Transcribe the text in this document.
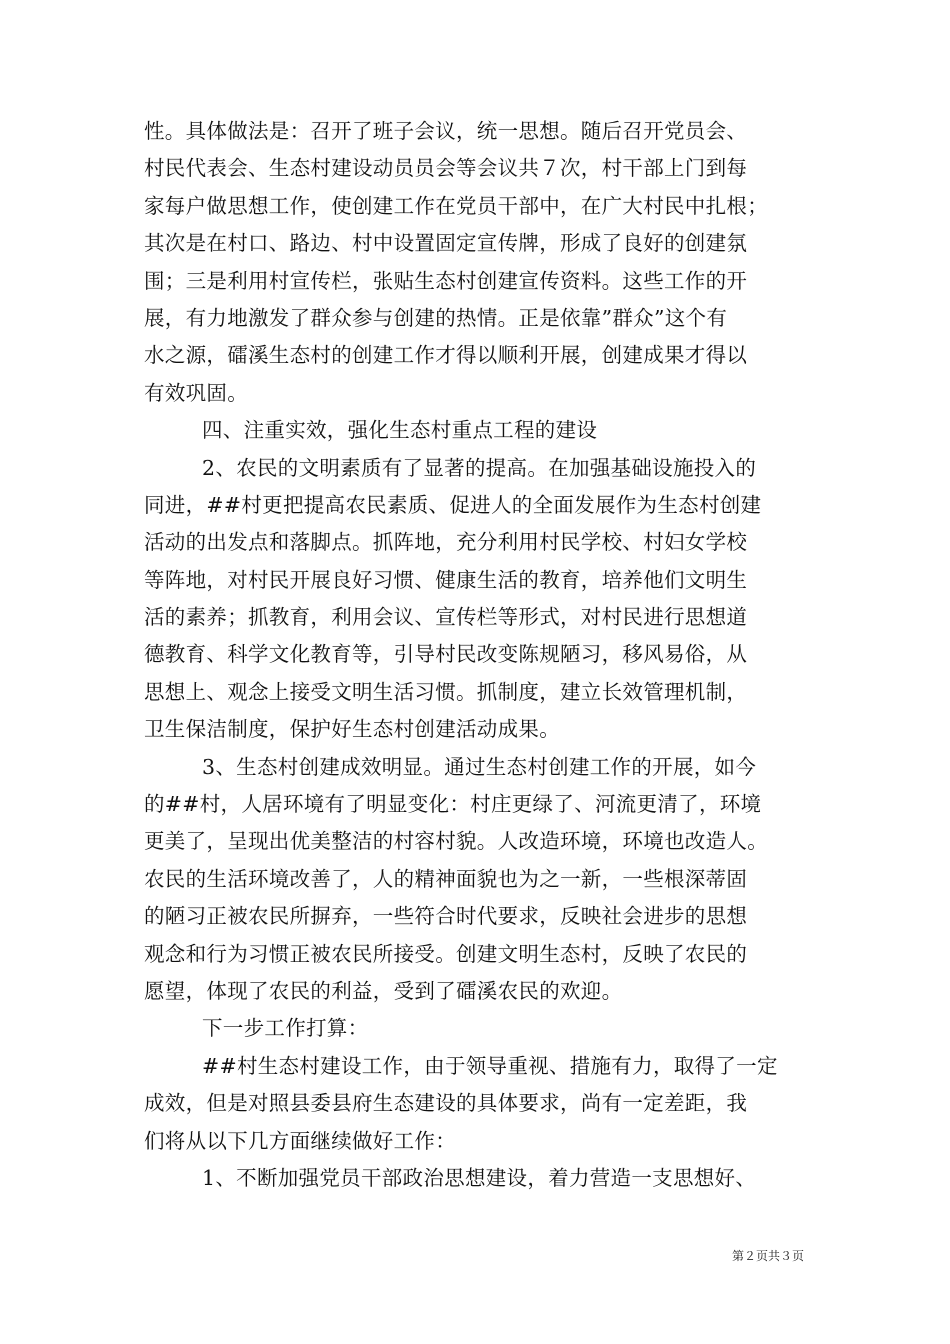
性。具体做法是：召开了班子会议，统一思想。随后召开党员会、
村民代表会、生态村建设动员员会等会议共７次，村干部上门到每
家每户做思想工作，使创建工作在党员干部中，在广大村民中扎根；
其次是在村口、路边、村中设置固定宣传牌，形成了良好的创建氛
围；三是利用村宣传栏，张贴生态村创建宣传资料。这些工作的开
展，有力地激发了群众参与创建的热情。正是依靠”群众”这个有
水之源，礌溪生态村的创建工作才得以顺利开展，创建成果才得以
有效巩固。
四、注重实效，强化生态村重点工程的建设
2、农民的文明素质有了显著的提高。在加强基础设施投入的
同进，##村更把提高农民素质、促进人的全面发展作为生态村创建
活动的出发点和落脚点。抓阵地，充分利用村民学校、村妇女学校
等阵地，对村民开展良好习惯、健康生活的教育，培养他们文明生
活的素养；抓教育，利用会议、宣传栏等形式，对村民进行思想道
德教育、科学文化教育等，引导村民改变陈规陋习，移风易俗，从
思想上、观念上接受文明生活习惯。抓制度，建立长效管理机制，
卫生保洁制度，保护好生态村创建活动成果。
3、生态村创建成效明显。通过生态村创建工作的开展，如今
的##村，人居环境有了明显变化：村庄更绿了、河流更清了，环境
更美了，呈现出优美整洁的村容村貌。人改造环境，环境也改造人。
农民的生活环境改善了，人的精神面貌也为之一新，一些根深蒂固
的陋习正被农民所摒弃，一些符合时代要求，反映社会进步的思想
观念和行为习惯正被农民所接受。创建文明生态村，反映了农民的
愿望，体现了农民的利益，受到了礌溪农民的欢迎。
下一步工作打算：
##村生态村建设工作，由于领导重视、措施有力，取得了一定
成效，但是对照县委县府生态建设的具体要求，尚有一定差距，我
们将从以下几方面继续做好工作：
1、不断加强党员干部政治思想建设，着力营造一支思想好、
第２页共３页
